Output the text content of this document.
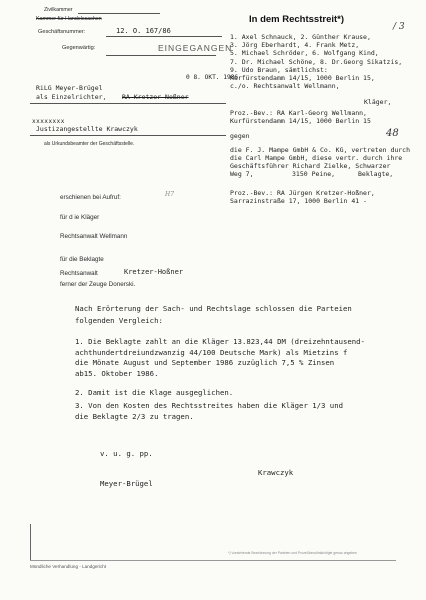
Zivilkammer
Kammer für Handelssachen
Geschäftsnummer:	12. O. 167/86
Gegenwärtig:	EINGEGANGEN
0 8. OKT. 1986
RiLG Meyer-Brügel
als Einzelrichter, RA Kretzer-Noßner
xxxxxxxx
Justizangestellte Krawczyk
als Urkundsbeamter der Geschäftsstelle.
In dem Rechtsstreit*)
/ 3
1. Axel Schnauck, 2. Günther Krause,
3. Jörg Eberhardt, 4. Frank Metz,
5. Michael Schröder, 6. Wolfgang Kind,
7. Dr. Michael Schöne, 8. Dr.Georg Sikatzis,
9. Udo Braun, sämtlichst:
Kurfürstendamm 14/15, 1000 Berlin 15,
c./o. Rechtsanwalt Wellmann,
Kläger,
Proz.-Bev.: RA Karl-Georg Wellmann,
Kurfürstendamm 14/15, 1000 Berlin 15
48
gegen
die F. J. Mampe GmbH & Co. KG, vertreten durch
die Carl Mampe GmbH, diese vertr. durch ihre
Geschäftsführer Richard Zielke, Schwarzer
Weg 7,	3150 Peine,	Beklagte,
Proz.-Bev.: RA Jürgen Kretzer-Hoßner,
Sarrazinstraße 17, 1000 Berlin 41 -
H7
erschienen bei Aufruf:
für d ie Kläger
Rechtsanwalt Wellmann
für die Beklagte
Rechtsanwalt	Kretzer-Hoßner
ferner der Zeuge Donerski.
Nach Erörterung der Sach- und Rechtslage schlossen die Parteien
folgenden Vergleich:
1. Die Beklagte zahlt an die Kläger 13.823,44 DM (dreizehntausend-
achthundertdreiundzwanzig 44/100 Deutsche Mark) als Mietzins f
die Mönate August und September 1986 zuzüglich 7,5 % Zinsen
ab15. Oktober 1986.
2. Damit ist die Klage ausgeglichen.
3. Von den Kosten des Rechtsstreites haben die Kläger 1/3 und
die Beklagte 2/3 zu tragen.
v. u. g. pp.
Krawczyk
Meyer-Brügel
*) Vorstehende Bezeichnung der Parteien und Prozeßbevollmächtigte genau angeben
Mündliche Verhandlung - Landgericht
